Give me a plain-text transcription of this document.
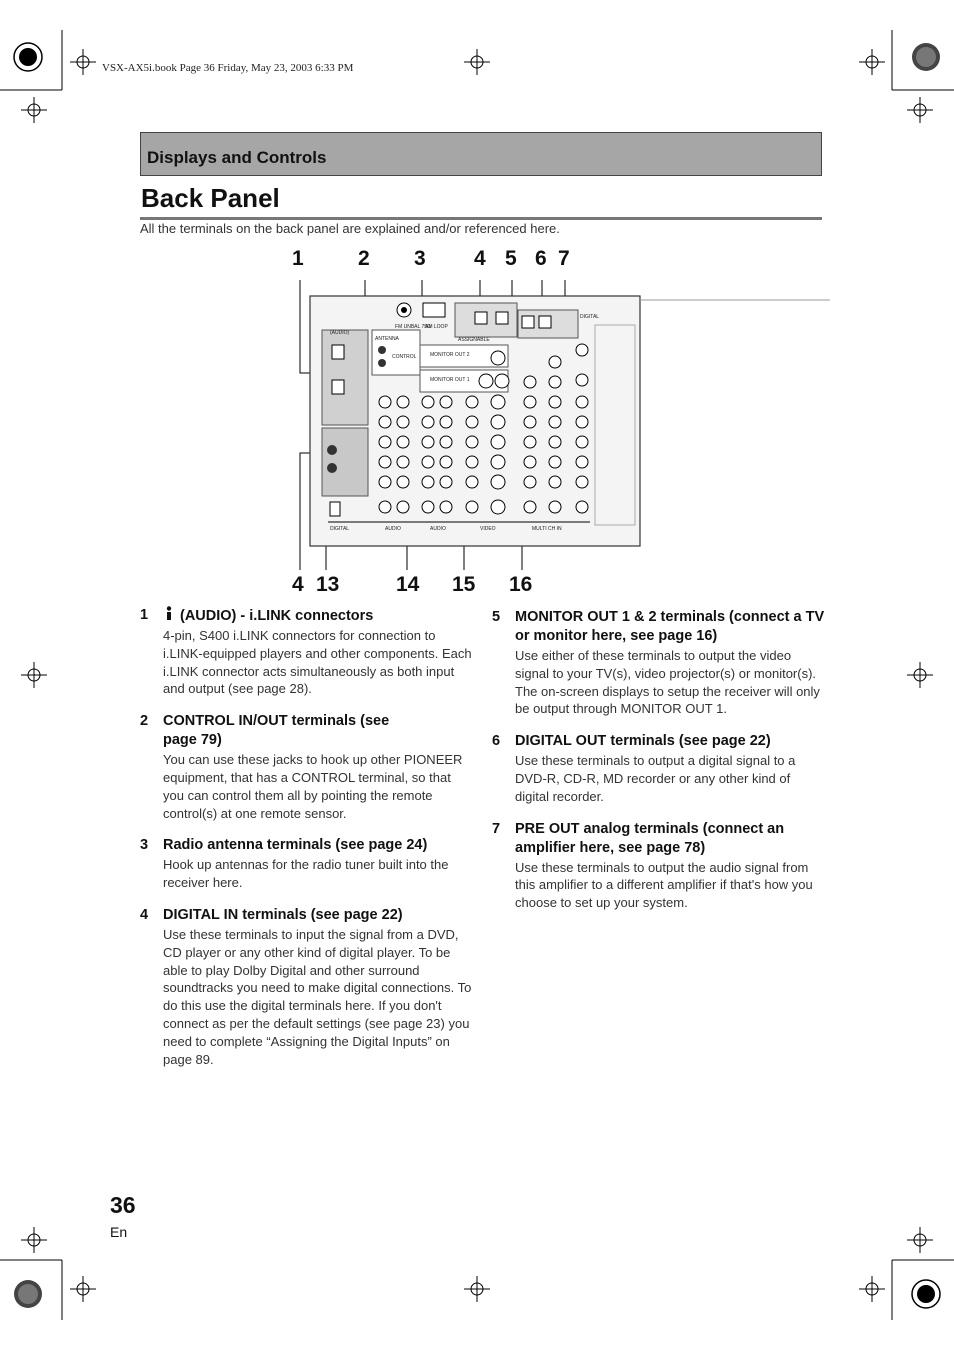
VSX-AX5i.book Page 36 Friday, May 23, 2003 6:33 PM
Displays and Controls
Back Panel
All the terminals on the back panel are explained and/or referenced here.
1	2 3 4 5 6 7
4 13	14 15 16
(AUDIO)
ANTENNA
CONTROL
FM UNBAL 75Ω
AM LOOP
ASSIGNABLE
DIGITAL
MONITOR OUT 2
MONITOR OUT 1
DIGITAL	AUDIO	AUDIO	VIDEO	MULTI CH IN
1	(AUDIO) - i.LINK connectors
4-pin, S400 i.LINK connectors for connection to i.LINK-equipped players and other components. Each i.LINK connector acts simultaneously as both input and output (see page 28).
2	CONTROL IN/OUT terminals (see page 79)
You can use these jacks to hook up other PIONEER equipment, that has a CONTROL terminal, so that you can control them all by pointing the remote control(s) at one remote sensor.
3	Radio antenna terminals (see page 24)
Hook up antennas for the radio tuner built into the receiver here.
4	DIGITAL IN terminals (see page 22)
Use these terminals to input the signal from a DVD, CD player or any other kind of digital player. To be able to play Dolby Digital and other surround soundtracks you need to make digital connections. To do this use the digital terminals here. If you don't connect as per the default settings (see page 23) you need to complete “Assigning the Digital Inputs” on page 89.
5	MONITOR OUT 1 & 2 terminals (connect a TV or monitor here, see page 16)
Use either of these terminals to output the video signal to your TV(s), video projector(s) or monitor(s). The on-screen displays to setup the receiver will only be output through MONITOR OUT 1.
6	DIGITAL OUT terminals (see page 22)
Use these terminals to output a digital signal to a DVD-R, CD-R, MD recorder or any other kind of digital recorder.
7	PRE OUT analog terminals (connect an amplifier here, see page 78)
Use these terminals to output the audio signal from this amplifier to a different amplifier if that's how you choose to set up your system.
36
En
